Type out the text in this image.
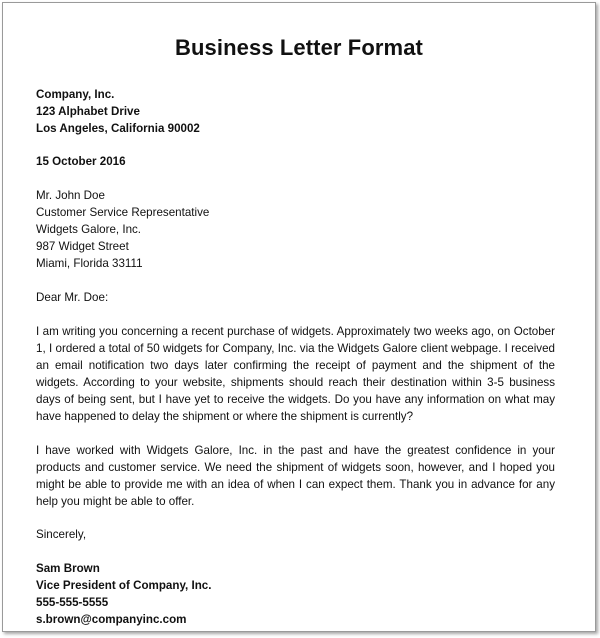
Business Letter Format
Company, Inc.
123 Alphabet Drive
Los Angeles, California 90002
15 October 2016
Mr. John Doe
Customer Service Representative
Widgets Galore, Inc.
987 Widget Street
Miami, Florida 33111
Dear Mr. Doe:
I am writing you concerning a recent purchase of widgets. Approximately two weeks ago, on October 1, I ordered a total of 50 widgets for Company, Inc. via the Widgets Galore client webpage. I received an email notification two days later confirming the receipt of payment and the shipment of the widgets. According to your website, shipments should reach their destination within 3-5 business days of being sent, but I have yet to receive the widgets. Do you have any information on what may have happened to delay the shipment or where the shipment is currently?
I have worked with Widgets Galore, Inc. in the past and have the greatest confidence in your products and customer service. We need the shipment of widgets soon, however, and I hoped you might be able to provide me with an idea of when I can expect them. Thank you in advance for any help you might be able to offer.
Sincerely,
Sam Brown
Vice President of Company, Inc.
555-555-5555
s.brown@companyinc.com
